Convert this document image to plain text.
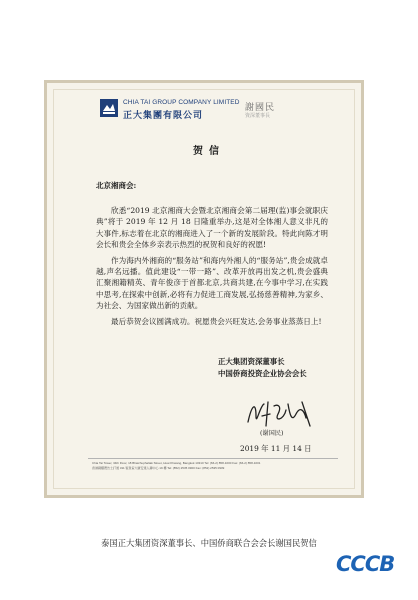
CHIA TAI GROUP COMPANY LIMITED
正大集團有限公司
謝國民
資深董事長
贺信
北京湘商会:

欣悉“2019 北京湘商大会暨北京湘商会第二届理(监)事会就职庆典”将于 2019 年 12 月 18 日隆重举办,这是对全体湘人意义非凡的大事件,标志着在北京的湘商进入了一个新的发展阶段。特此向陈才明会长和贵会全体乡亲表示热烈的祝贺和良好的祝愿!

作为海内外湘商的“服务站”和海内外湘人的“服务站”,贵会成就卓越,声名远播。值此建设“一带一路”、改革开放再出发之机,贵会盛典汇聚湘籍精英、青年俊彦于首都北京,共商共建,在今事中学习,在实践中思考,在探索中创新,必将有力促进工商发展,弘扬慈善精神,为家乡、为社会、为国家做出新的贡献。

最后恭贺会议圆满成功。祝愿贵会兴旺发达,会务事业蒸蒸日上!

正大集团资深董事长
中国侨商投资企业协会会长
(谢国民)
2019 年 11 月 14 日
Chia Tai Tower, 34th Floor, 18 Bhaichuphaltak Street, Huai Khwang, Bangkok 10310 Tel: (66-2) 858-1000 Fax: (66-2) 858-1001
香港銅鑼灣告士打道 311 號皇室大廈安達人壽中心 19 樓 Tel: (852) 2535 0900 Fax: (852) 2535 0909
泰国正大集团资深董事长、中国侨商联合会会长谢国民贺信
CCCB
